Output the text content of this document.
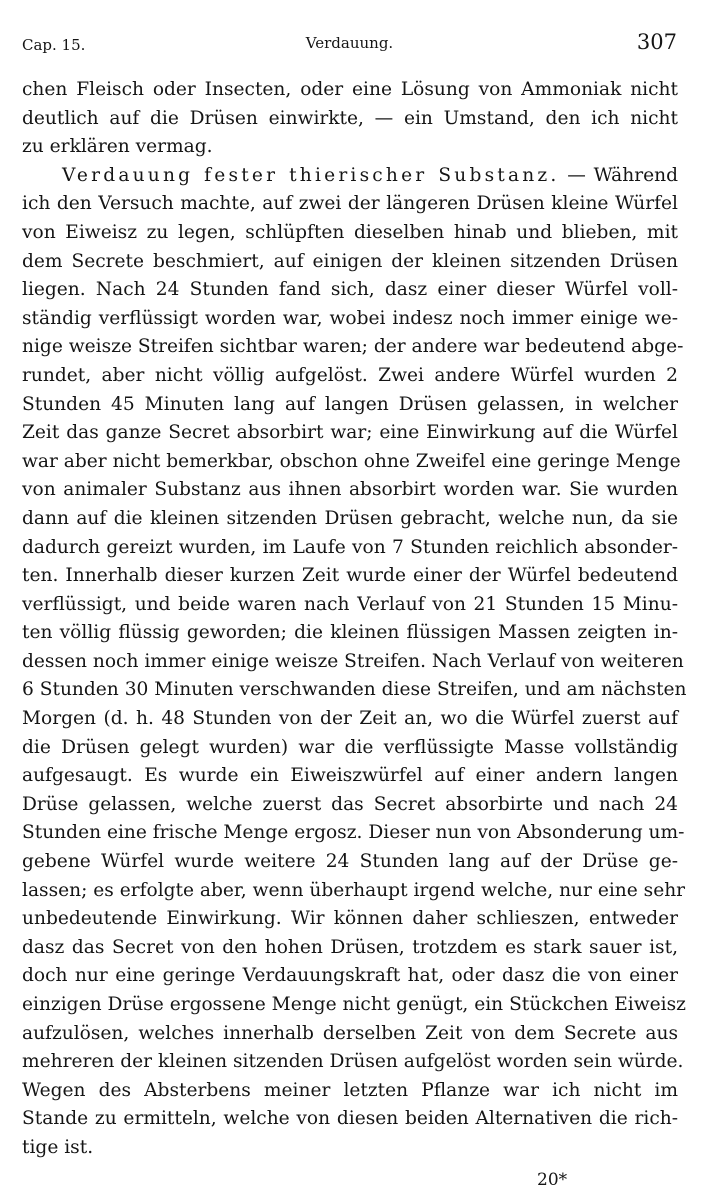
Cap. 15.	Verdauung.	307
chen Fleisch oder Insecten, oder eine Lösung von Ammoniak nicht
deutlich auf die Drüsen einwirkte, — ein Umstand, den ich nicht
zu erklären vermag.
Verdauung fester thierischer Substanz. — Während
ich den Versuch machte, auf zwei der längeren Drüsen kleine Würfel
von Eiweisz zu legen, schlüpften dieselben hinab und blieben, mit
dem Secrete beschmiert, auf einigen der kleinen sitzenden Drüsen
liegen. Nach 24 Stunden fand sich, dasz einer dieser Würfel voll-
ständig verflüssigt worden war, wobei indesz noch immer einige we-
nige weisze Streifen sichtbar waren; der andere war bedeutend abge-
rundet, aber nicht völlig aufgelöst. Zwei andere Würfel wurden 2
Stunden 45 Minuten lang auf langen Drüsen gelassen, in welcher
Zeit das ganze Secret absorbirt war; eine Einwirkung auf die Würfel
war aber nicht bemerkbar, obschon ohne Zweifel eine geringe Menge
von animaler Substanz aus ihnen absorbirt worden war. Sie wurden
dann auf die kleinen sitzenden Drüsen gebracht, welche nun, da sie
dadurch gereizt wurden, im Laufe von 7 Stunden reichlich absonder-
ten. Innerhalb dieser kurzen Zeit wurde einer der Würfel bedeutend
verflüssigt, und beide waren nach Verlauf von 21 Stunden 15 Minu-
ten völlig flüssig geworden; die kleinen flüssigen Massen zeigten in-
dessen noch immer einige weisze Streifen. Nach Verlauf von weiteren
6 Stunden 30 Minuten verschwanden diese Streifen, und am nächsten
Morgen (d. h. 48 Stunden von der Zeit an, wo die Würfel zuerst auf
die Drüsen gelegt wurden) war die verflüssigte Masse vollständig
aufgesaugt. Es wurde ein Eiweiszwürfel auf einer andern langen
Drüse gelassen, welche zuerst das Secret absorbirte und nach 24
Stunden eine frische Menge ergosz. Dieser nun von Absonderung um-
gebene Würfel wurde weitere 24 Stunden lang auf der Drüse ge-
lassen; es erfolgte aber, wenn überhaupt irgend welche, nur eine sehr
unbedeutende Einwirkung. Wir können daher schlieszen, entweder
dasz das Secret von den hohen Drüsen, trotzdem es stark sauer ist,
doch nur eine geringe Verdauungskraft hat, oder dasz die von einer
einzigen Drüse ergossene Menge nicht genügt, ein Stückchen Eiweisz
aufzulösen, welches innerhalb derselben Zeit von dem Secrete aus
mehreren der kleinen sitzenden Drüsen aufgelöst worden sein würde.
Wegen des Absterbens meiner letzten Pflanze war ich nicht im
Stande zu ermitteln, welche von diesen beiden Alternativen die rich-
tige ist.
20*
